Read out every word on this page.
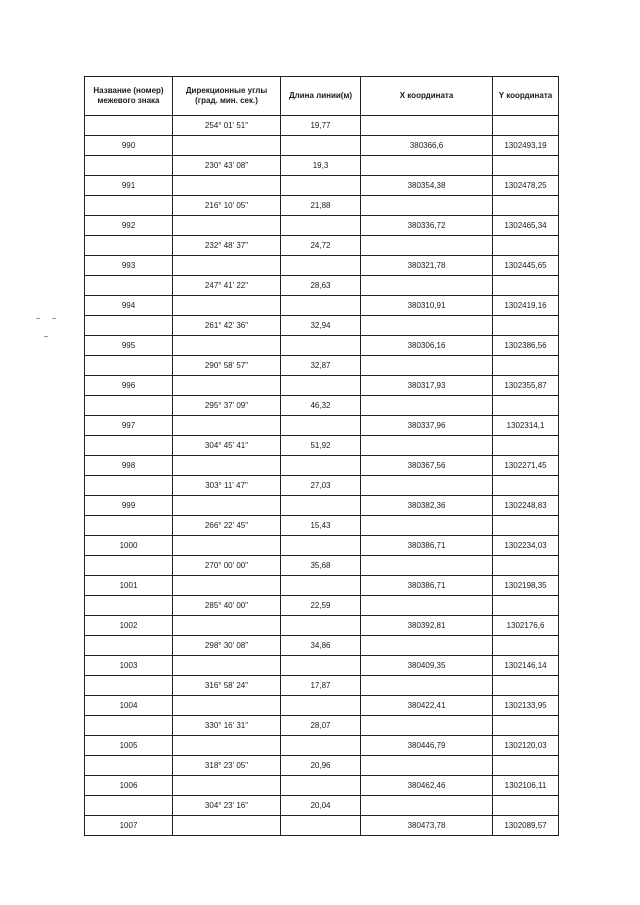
Название (номер) межевого знака	Дирекционные углы (град. мин. сек.)	Длина линии(м)	X координата	Y координата
	254° 01' 51"	19,77		
990			380366,6	1302493,19
	230° 43' 08"	19,3		
991			380354,38	1302478,25
	216° 10' 05"	21,88		
992			380336,72	1302465,34
	232° 48' 37"	24,72		
993			380321,78	1302445,65
	247° 41' 22"	28,63		
994			380310,91	1302419,16
	261° 42' 36"	32,94		
995			380306,16	1302386,56
	290° 58' 57"	32,87		
996			380317,93	1302355,87
	295° 37' 09"	46,32		
997			380337,96	1302314,1
	304° 45' 41"	51,92		
998			380367,56	1302271,45
	303° 11' 47"	27,03		
999			380382,36	1302248,83
	266° 22' 45"	15,43		
1000			380386,71	1302234,03
	270° 00' 00"	35,68		
1001			380386,71	1302198,35
	285° 40' 00"	22,59		
1002			380392,81	1302176,6
	298° 30' 08"	34,86		
1003			380409,35	1302146,14
	316° 58' 24"	17,87		
1004			380422,41	1302133,95
	330° 16' 31"	28,07		
1005			380446,79	1302120,03
	318° 23' 05"	20,96		
1006			380462,46	1302106,11
	304° 23' 16"	20,04		
1007			380473,78	1302089,57
